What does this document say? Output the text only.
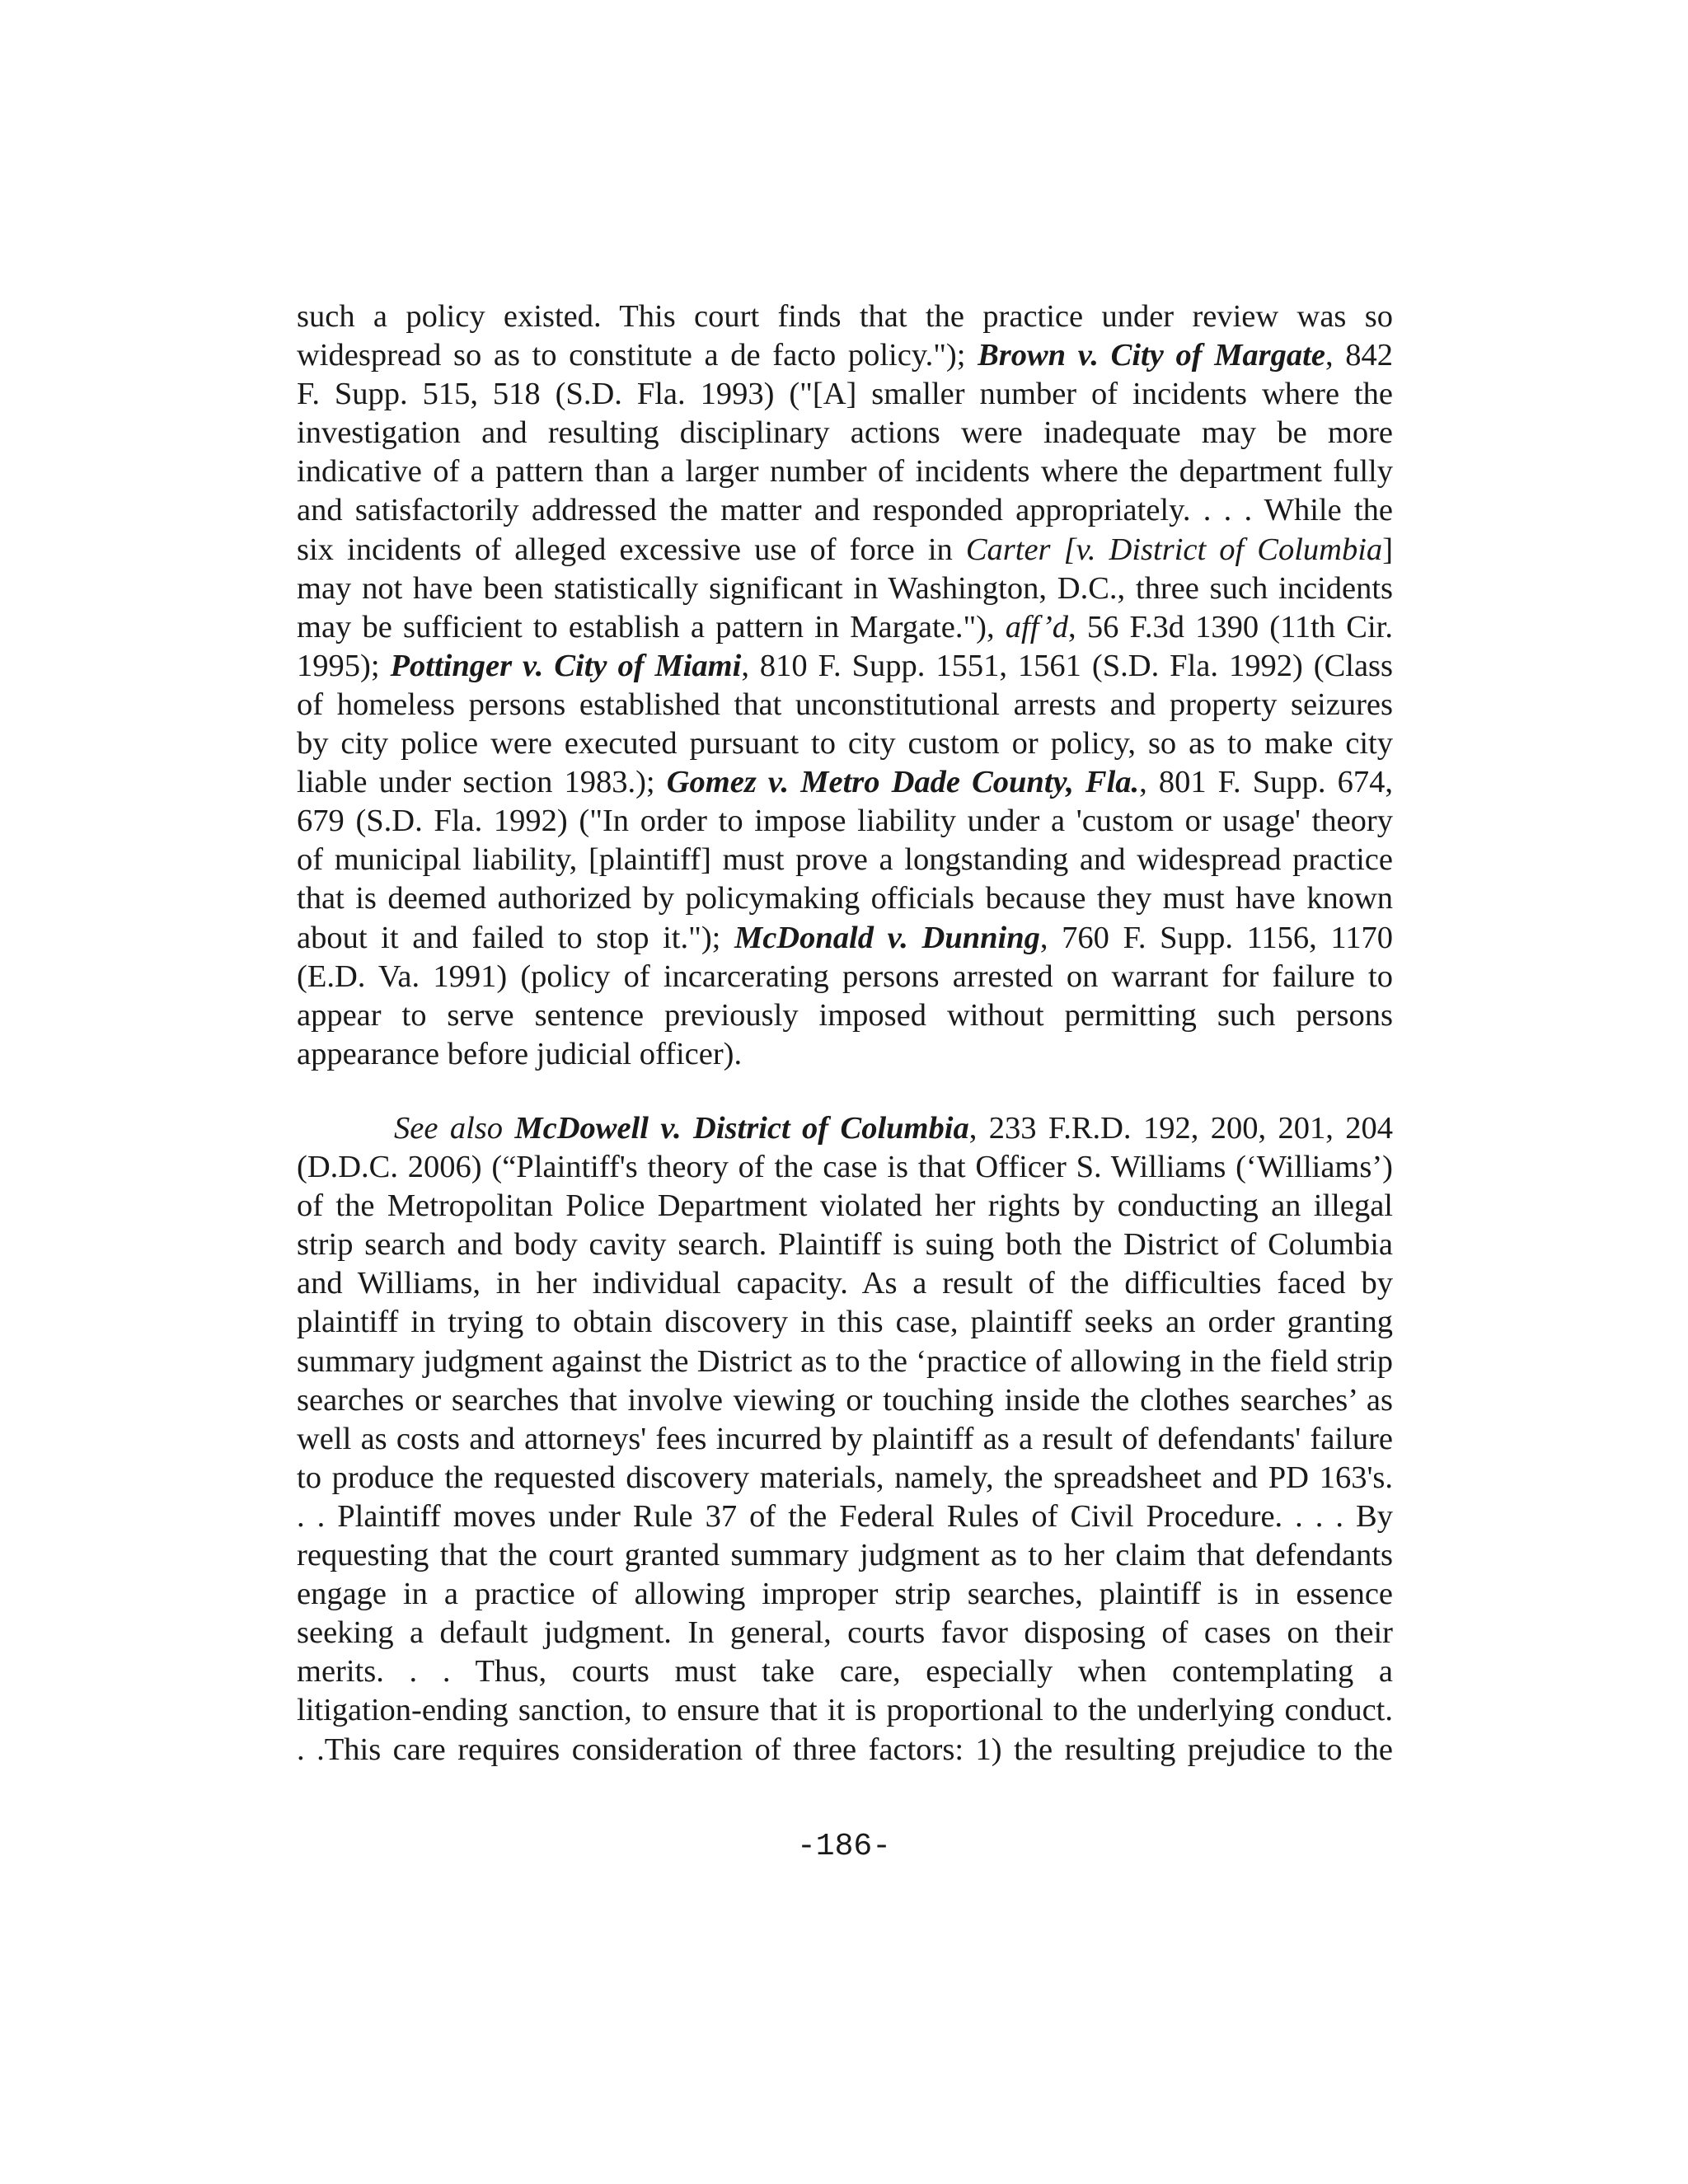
such a policy existed. This court finds that the practice under review was so
widespread so as to constitute a de facto policy."); Brown v. City of Margate, 842
F. Supp. 515, 518 (S.D. Fla. 1993) ("[A] smaller number of incidents where the
investigation and resulting disciplinary actions were inadequate may be more
indicative of a pattern than a larger number of incidents where the department fully
and satisfactorily addressed the matter and responded appropriately. . . . While the
six incidents of alleged excessive use of force in Carter [v. District of Columbia]
may not have been statistically significant in Washington, D.C., three such incidents
may be sufficient to establish a pattern in Margate."), aff’d, 56 F.3d 1390 (11th Cir.
1995); Pottinger v. City of Miami, 810 F. Supp. 1551, 1561 (S.D. Fla. 1992) (Class
of homeless persons established that unconstitutional arrests and property seizures
by city police were executed pursuant to city custom or policy, so as to make city
liable under section 1983.); Gomez v. Metro Dade County, Fla., 801 F. Supp. 674,
679 (S.D. Fla. 1992) ("In order to impose liability under a 'custom or usage' theory
of municipal liability, [plaintiff] must prove a longstanding and widespread practice
that is deemed authorized by policymaking officials because they must have known
about it and failed to stop it."); McDonald v. Dunning, 760 F. Supp. 1156, 1170
(E.D. Va. 1991) (policy of incarcerating persons arrested on warrant for failure to
appear to serve sentence previously imposed without permitting such persons
appearance before judicial officer).
See also McDowell v. District of Columbia, 233 F.R.D. 192, 200, 201, 204
(D.D.C. 2006) (“Plaintiff's theory of the case is that Officer S. Williams (‘Williams’)
of the Metropolitan Police Department violated her rights by conducting an illegal
strip search and body cavity search. Plaintiff is suing both the District of Columbia
and Williams, in her individual capacity. As a result of the difficulties faced by
plaintiff in trying to obtain discovery in this case, plaintiff seeks an order granting
summary judgment against the District as to the ‘practice of allowing in the field strip
searches or searches that involve viewing or touching inside the clothes searches’ as
well as costs and attorneys' fees incurred by plaintiff as a result of defendants' failure
to produce the requested discovery materials, namely, the spreadsheet and PD 163's.
. . Plaintiff moves under Rule 37 of the Federal Rules of Civil Procedure. . . . By
requesting that the court granted summary judgment as to her claim that defendants
engage in a practice of allowing improper strip searches, plaintiff is in essence
seeking a default judgment. In general, courts favor disposing of cases on their
merits. . . Thus, courts must take care, especially when contemplating a
litigation-ending sanction, to ensure that it is proportional to the underlying conduct.
. .This care requires consideration of three factors: 1) the resulting prejudice to the
-186-
